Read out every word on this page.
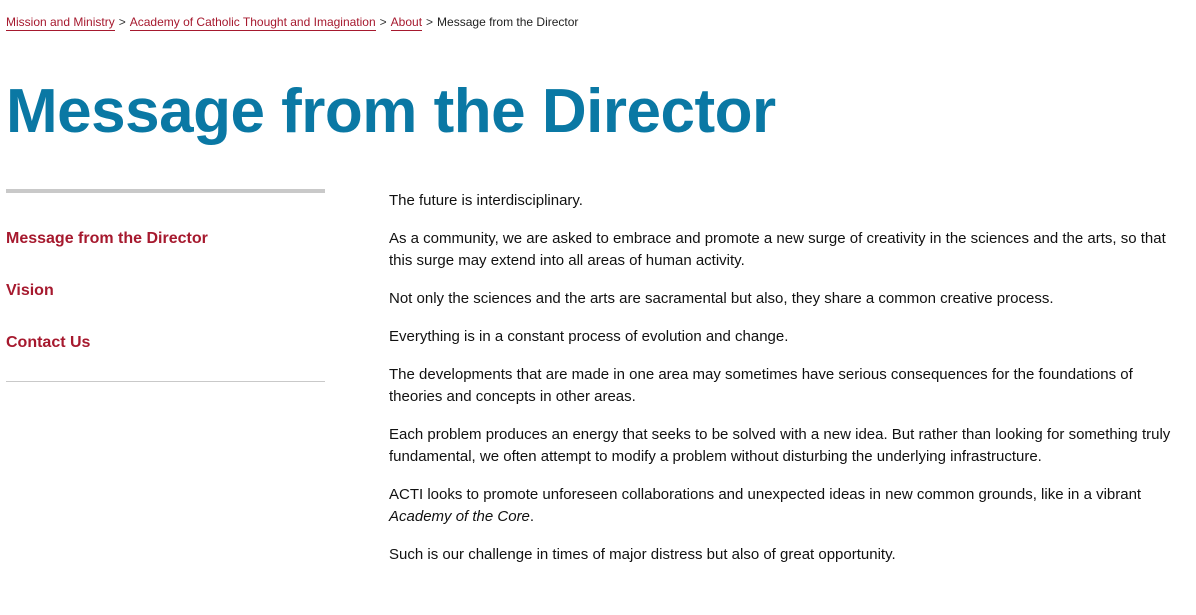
Mission and Ministry > Academy of Catholic Thought and Imagination > About > Message from the Director
Message from the Director
Message from the Director
Vision
Contact Us

The future is interdisciplinary.

As a community, we are asked to embrace and promote a new surge of creativity in the sciences and the arts, so that this surge may extend into all areas of human activity.

Not only the sciences and the arts are sacramental but also, they share a common creative process.

Everything is in a constant process of evolution and change.

The developments that are made in one area may sometimes have serious consequences for the foundations of theories and concepts in other areas.

Each problem produces an energy that seeks to be solved with a new idea. But rather than looking for something truly fundamental, we often attempt to modify a problem without disturbing the underlying infrastructure.

ACTI looks to promote unforeseen collaborations and unexpected ideas in new common grounds, like in a vibrant Academy of the Core.

Such is our challenge in times of major distress but also of great opportunity.
